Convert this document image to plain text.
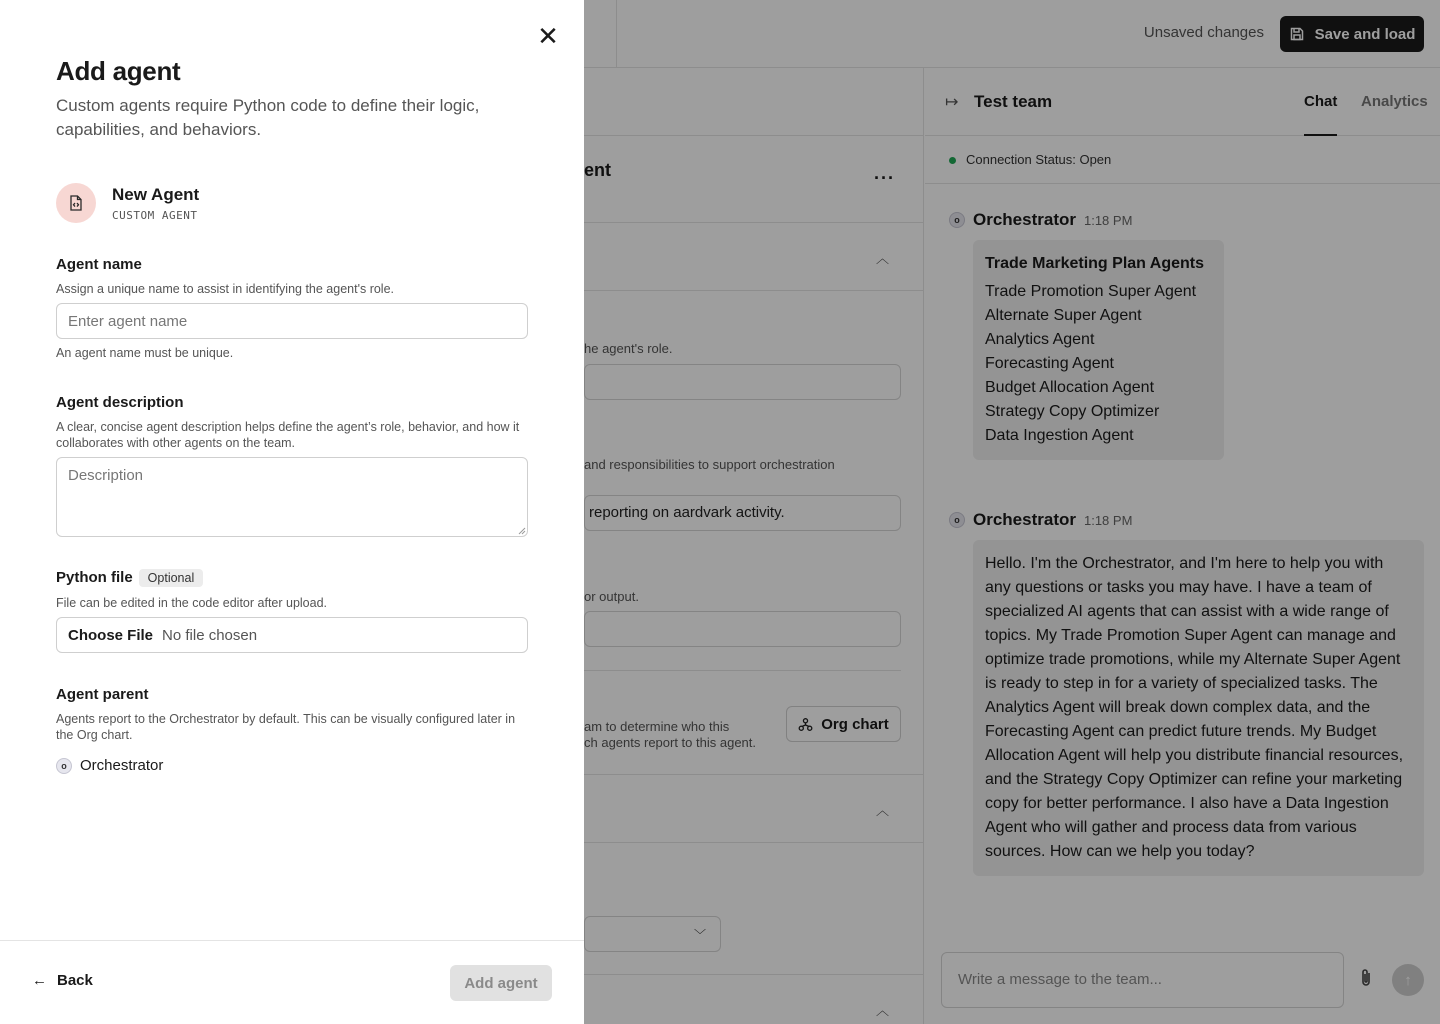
Unsaved changes	Save and load
ent	···
︿
he agent's role.
and responsibilities to support orchestration
reporting on aardvark activity.
or output.
am to determine who this
ch agents report to this agent.
Org chart
︿
﹀
︿
↦ Test team	Chat Analytics
Connection Status: Open
o Orchestrator 1:18 PM
Trade Marketing Plan Agents
Trade Promotion Super Agent
Alternate Super Agent
Analytics Agent
Forecasting Agent
Budget Allocation Agent
Strategy Copy Optimizer
Data Ingestion Agent
o Orchestrator 1:18 PM
Hello. I'm the Orchestrator, and I'm here to help you with any questions or tasks you may have. I have a team of specialized AI agents that can assist with a wide range of topics. My Trade Promotion Super Agent can manage and optimize trade promotions, while my Alternate Super Agent is ready to step in for a variety of specialized tasks. The Analytics Agent will break down complex data, and the Forecasting Agent can predict future trends. My Budget Allocation Agent will help you distribute financial resources, and the Strategy Copy Optimizer can refine your marketing copy for better performance. I also have a Data Ingestion Agent who will gather and process data from various sources. How can we help you today?
Write a message to the team...	↑
✕
Add agent

Custom agents require Python code to define their logic, capabilities, and behaviors.

New Agent
CUSTOM AGENT
Agent name

Assign a unique name to assist in identifying the agent's role.

Enter agent name

An agent name must be unique.

Agent description

A clear, concise agent description helps define the agent’s role, behavior, and how it collaborates with other agents on the team.

Description
Python file Optional

File can be edited in the code editor after upload.

Choose File No file chosen
Agent parent

Agents report to the Orchestrator by default. This can be visually configured later in the Org chart.

o Orchestrator
← Back	Add agent
